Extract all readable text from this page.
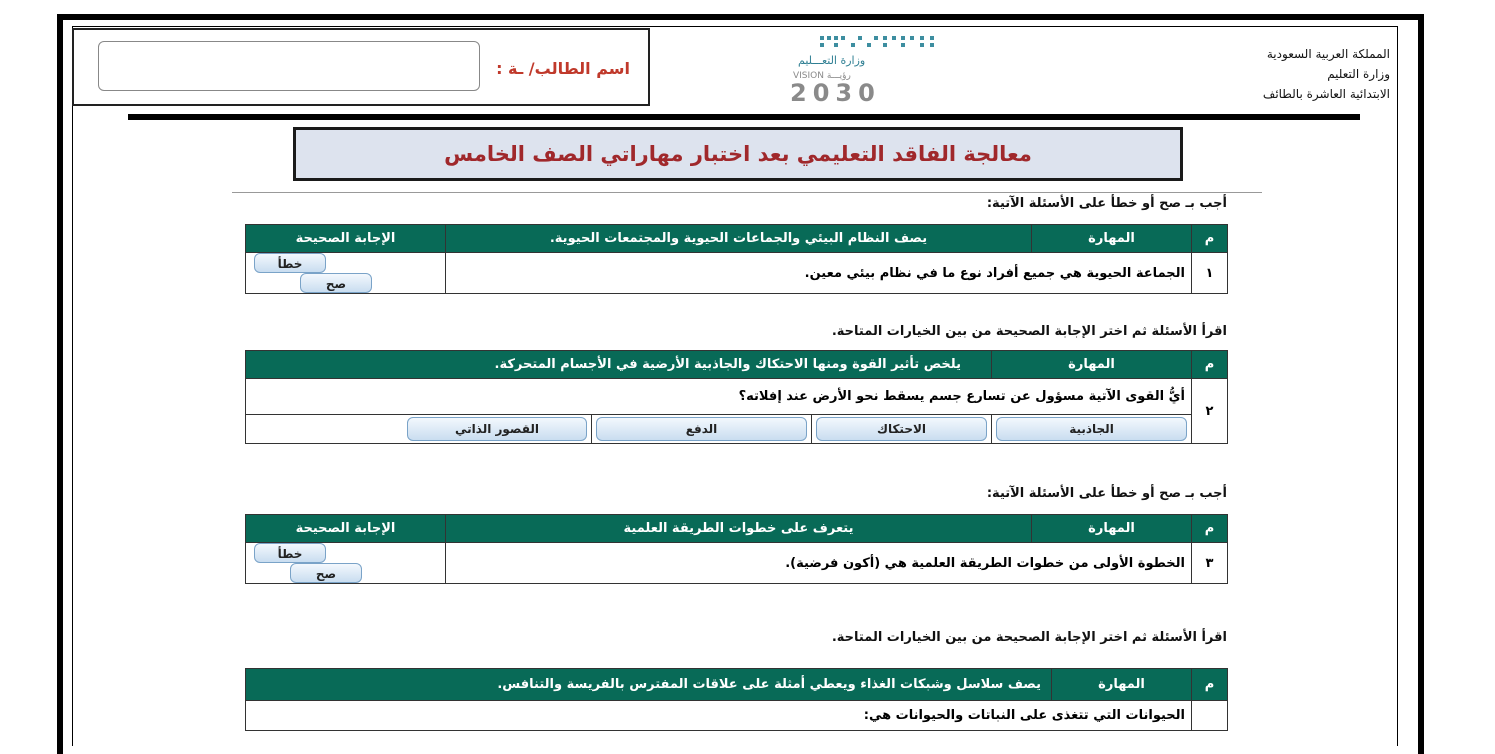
المملكة العربية السعودية
وزارة التعليم
الابتدائية العاشرة بالطائف
وزارة التعـــليم
VISION رؤيـــة
2030
اسم الطالب/ ـة :
معالجة الفاقد التعليمي بعد اختبار مهاراتي الصف الخامس
أجب بـ صح أو خطأ على الأسئلة الآتية:
م	المهارة	يصف النظام البيئي والجماعات الحيوية والمجتمعات الحيوية.	الإجابة الصحيحة
١	الجماعة الحيوية هي جميع أفراد نوع ما في نظام بيئي معين.		خطأ صح
اقرأ الأسئلة ثم اختر الإجابة الصحيحة من بين الخيارات المتاحة.
م	المهارة	يلخص تأثير القوة ومنها الاحتكاك والجاذبية الأرضية في الأجسام المتحركة.		
٢	أيُّ القوى الآتية مسؤول عن تسارع جسم يسقط نحو الأرض عند إفلاته؟			
	الجاذبية	الاحتكاك	الدفع	القصور الذاتي
أجب بـ صح أو خطأ على الأسئلة الآتية:
م	المهارة	يتعرف على خطوات الطريقة العلمية	الإجابة الصحيحة
٣	الخطوة الأولى من خطوات الطريقة العلمية هي (أكون فرضية).		خطأ صح
اقرأ الأسئلة ثم اختر الإجابة الصحيحة من بين الخيارات المتاحة.
م	المهارة	يصف سلاسل وشبكات الغذاء ويعطي أمثلة على علاقات المفترس بالفريسة والتنافس.
	الحيوانات التي تتغذى على النباتات والحيوانات هي:	
